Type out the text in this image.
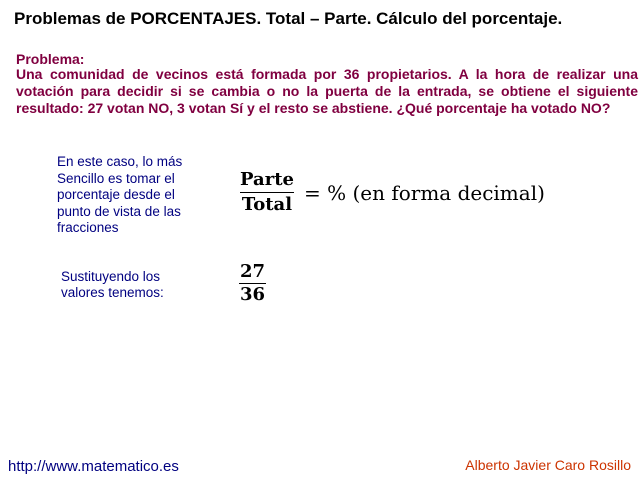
Problemas de PORCENTAJES. Total – Parte. Cálculo del porcentaje.
Problema:
Una comunidad de vecinos está formada por 36 propietarios. A la hora de realizar una votación para decidir si se cambia o no la puerta de la entrada, se obtiene el siguiente resultado: 27 votan NO, 3 votan Sí y el resto se abstiene. ¿Qué porcentaje ha votado NO?
En este caso, lo más Sencillo es tomar el porcentaje desde el punto de vista de las fracciones
$\frac{\text{Parte}}{\text{Total}}$ = % (en forma decimal)
Sustituyendo los valores tenemos:	$\frac{27}{36}$
http://www.matematico.es	Alberto Javier Caro Rosillo
